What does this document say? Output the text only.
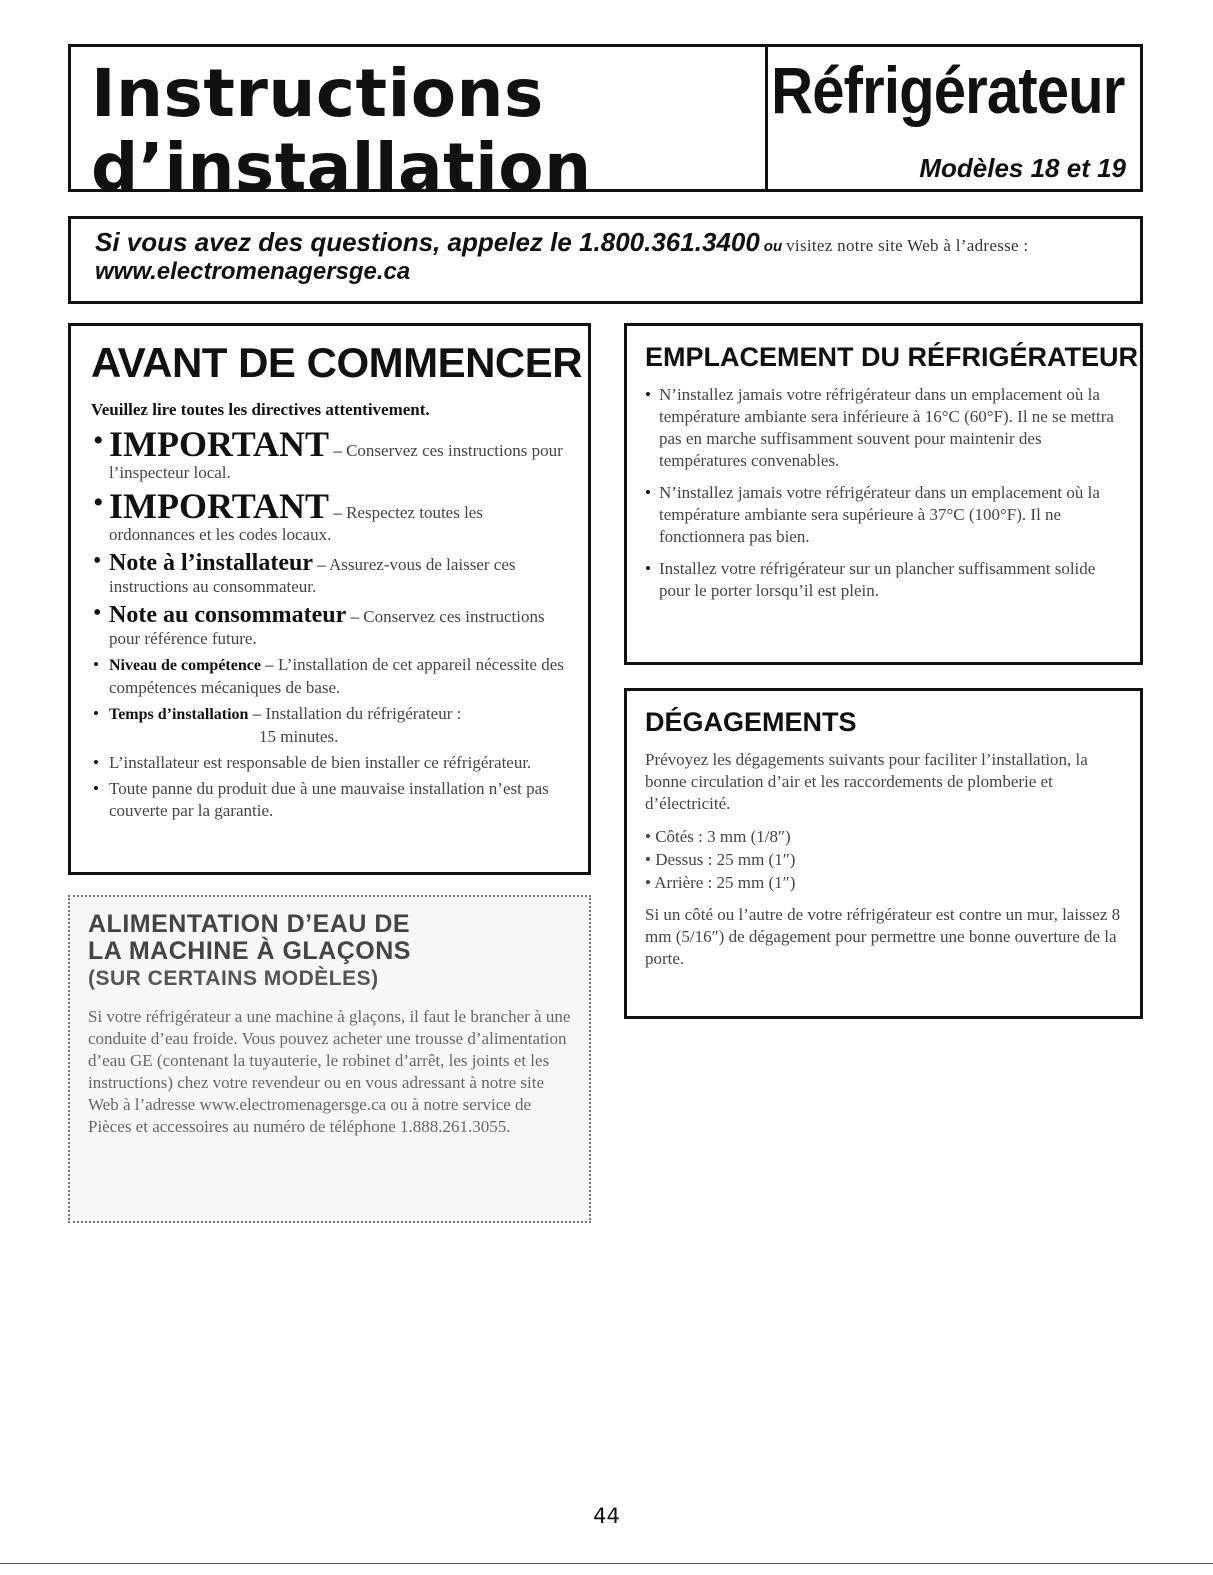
Instructions
d’installation
Réfrigérateur
Modèles 18 et 19
Si vous avez des questions, appelez le 1.800.361.3400 ou visitez notre site Web à l’adresse :
www.electromenagersge.ca
AVANT DE COMMENCER
Veuillez lire toutes les directives attentivement.
• IMPORTANT – Conservez ces instructions pour l’inspecteur local.
• IMPORTANT – Respectez toutes les ordonnances et les codes locaux.
• Note à l’installateur – Assurez-vous de laisser ces instructions au consommateur.
• Note au consommateur – Conservez ces instructions pour référence future.
• Niveau de compétence – L’installation de cet appareil nécessite des compétences mécaniques de base.
• Temps d’installation – Installation du réfrigérateur :
15 minutes.
• L’installateur est responsable de bien installer ce réfrigérateur.
• Toute panne du produit due à une mauvaise installation n’est pas couverte par la garantie.
ALIMENTATION D’EAU DE
LA MACHINE À GLAÇONS
(SUR CERTAINS MODÈLES)
Si votre réfrigérateur a une machine à glaçons, il faut le brancher à une conduite d’eau froide. Vous pouvez acheter une trousse d’alimentation d’eau GE (contenant la tuyauterie, le robinet d’arrêt, les joints et les instructions) chez votre revendeur ou en vous adressant à notre site Web à l’adresse www.electromenagersge.ca ou à notre service de Pièces et accessoires au numéro de téléphone 1.888.261.3055.
EMPLACEMENT DU RÉFRIGÉRATEUR
• N’installez jamais votre réfrigérateur dans un emplacement où la température ambiante sera inférieure à 16°C (60°F). Il ne se mettra pas en marche suffisamment souvent pour maintenir des températures convenables.
• N’installez jamais votre réfrigérateur dans un emplacement où la température ambiante sera supérieure à 37°C (100°F). Il ne fonctionnera pas bien.
• Installez votre réfrigérateur sur un plancher suffisamment solide pour le porter lorsqu’il est plein.
DÉGAGEMENTS

Prévoyez les dégagements suivants pour faciliter l’installation, la bonne circulation d’air et les raccordements de plomberie et d’électricité.

• Côtés : 3 mm (1/8″)
• Dessus : 25 mm (1″)
• Arrière : 25 mm (1″)

Si un côté ou l’autre de votre réfrigérateur est contre un mur, laissez 8 mm (5/16″) de dégagement pour permettre une bonne ouverture de la porte.

44
